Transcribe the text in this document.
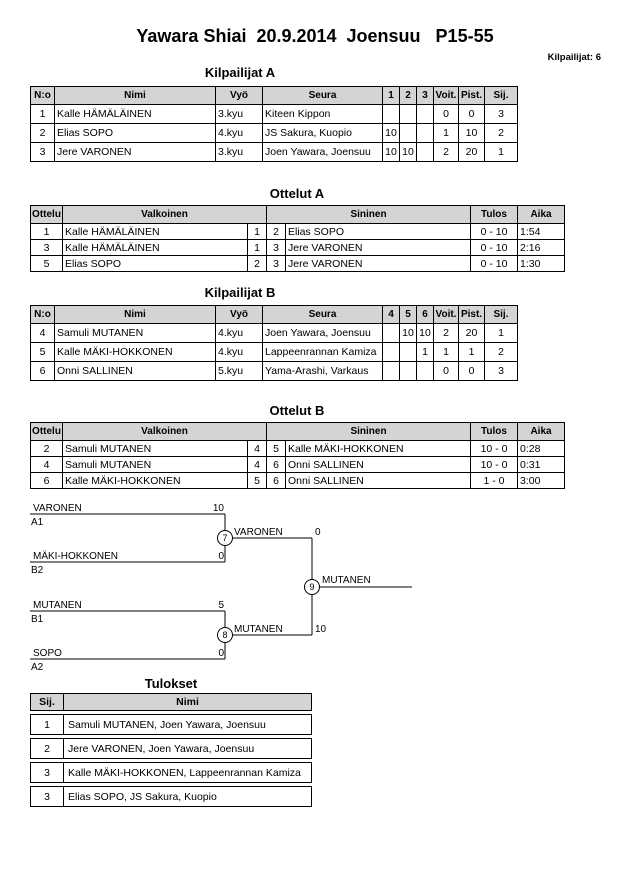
Yawara Shiai  20.9.2014  Joensuu   P15-55
Kilpailijat: 6
Kilpailijat A
N:o	Nimi	Vyö	Seura	1	2	3	Voit.	Pist.	Sij.
1	Kalle HÄMÄLÄINEN	3.kyu	Kiteen Kippon				0	0	3
2	Elias SOPO	4.kyu	JS Sakura, Kuopio	10			1	10	2
3	Jere VARONEN	3.kyu	Joen Yawara, Joensuu	10	10		2	20	1
Ottelut A
Ottelu	Valkoinen		Sininen		Tulos	Aika
1	Kalle HÄMÄLÄINEN	1	2	Elias SOPO	0 - 10	1:54
3	Kalle HÄMÄLÄINEN	1	3	Jere VARONEN	0 - 10	2:16
5	Elias SOPO	2	3	Jere VARONEN	0 - 10	1:30
Kilpailijat B
N:o	Nimi	Vyö	Seura	4	5	6	Voit.	Pist.	Sij.
4	Samuli MUTANEN	4.kyu	Joen Yawara, Joensuu		10	10	2	20	1
5	Kalle MÄKI-HOKKONEN	4.kyu	Lappeenrannan Kamiza			1	1	1	2
6	Onni SALLINEN	5.kyu	Yama-Arashi, Varkaus				0	0	3
Ottelut B
Ottelu	Valkoinen		Sininen		Tulos	Aika
2	Samuli MUTANEN	4	5	Kalle MÄKI-HOKKONEN	10 - 0	0:28
4	Samuli MUTANEN	4	6	Onni SALLINEN	10 - 0	0:31
6	Kalle MÄKI-HOKKONEN	5	6	Onni SALLINEN	1 - 0	3:00
VARONEN
A1
10
MÄKI-HOKKONEN
B2
0
VARONEN	0
7
MUTANEN
B1
5
SOPO
A2
0
MUTANEN	10
8
MUTANEN
9
Tulokset
Sij.	Nimi
1	Samuli MUTANEN, Joen Yawara, Joensuu
2	Jere VARONEN, Joen Yawara, Joensuu
3	Kalle MÄKI-HOKKONEN, Lappeenrannan Kamiza
3	Elias SOPO, JS Sakura, Kuopio
